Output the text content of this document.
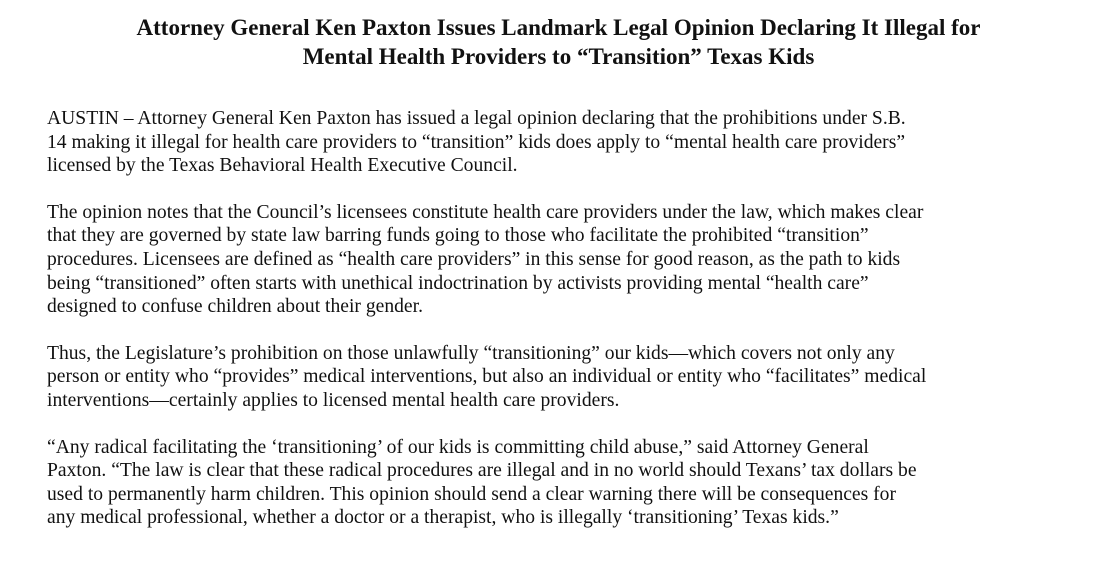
Attorney General Ken Paxton Issues Landmark Legal Opinion Declaring It Illegal for
Mental Health Providers to “Transition” Texas Kids

AUSTIN – Attorney General Ken Paxton has issued a legal opinion declaring that the prohibitions under S.B.
14 making it illegal for health care providers to “transition” kids does apply to “mental health care providers”
licensed by the Texas Behavioral Health Executive Council.

The opinion notes that the Council’s licensees constitute health care providers under the law, which makes clear
that they are governed by state law barring funds going to those who facilitate the prohibited “transition”
procedures. Licensees are defined as “health care providers” in this sense for good reason, as the path to kids
being “transitioned” often starts with unethical indoctrination by activists providing mental “health care”
designed to confuse children about their gender.

Thus, the Legislature’s prohibition on those unlawfully “transitioning” our kids—which covers not only any
person or entity who “provides” medical interventions, but also an individual or entity who “facilitates” medical
interventions—certainly applies to licensed mental health care providers.

“Any radical facilitating the ‘transitioning’ of our kids is committing child abuse,” said Attorney General
Paxton. “The law is clear that these radical procedures are illegal and in no world should Texans’ tax dollars be
used to permanently harm children. This opinion should send a clear warning there will be consequences for
any medical professional, whether a doctor or a therapist, who is illegally ‘transitioning’ Texas kids.”
